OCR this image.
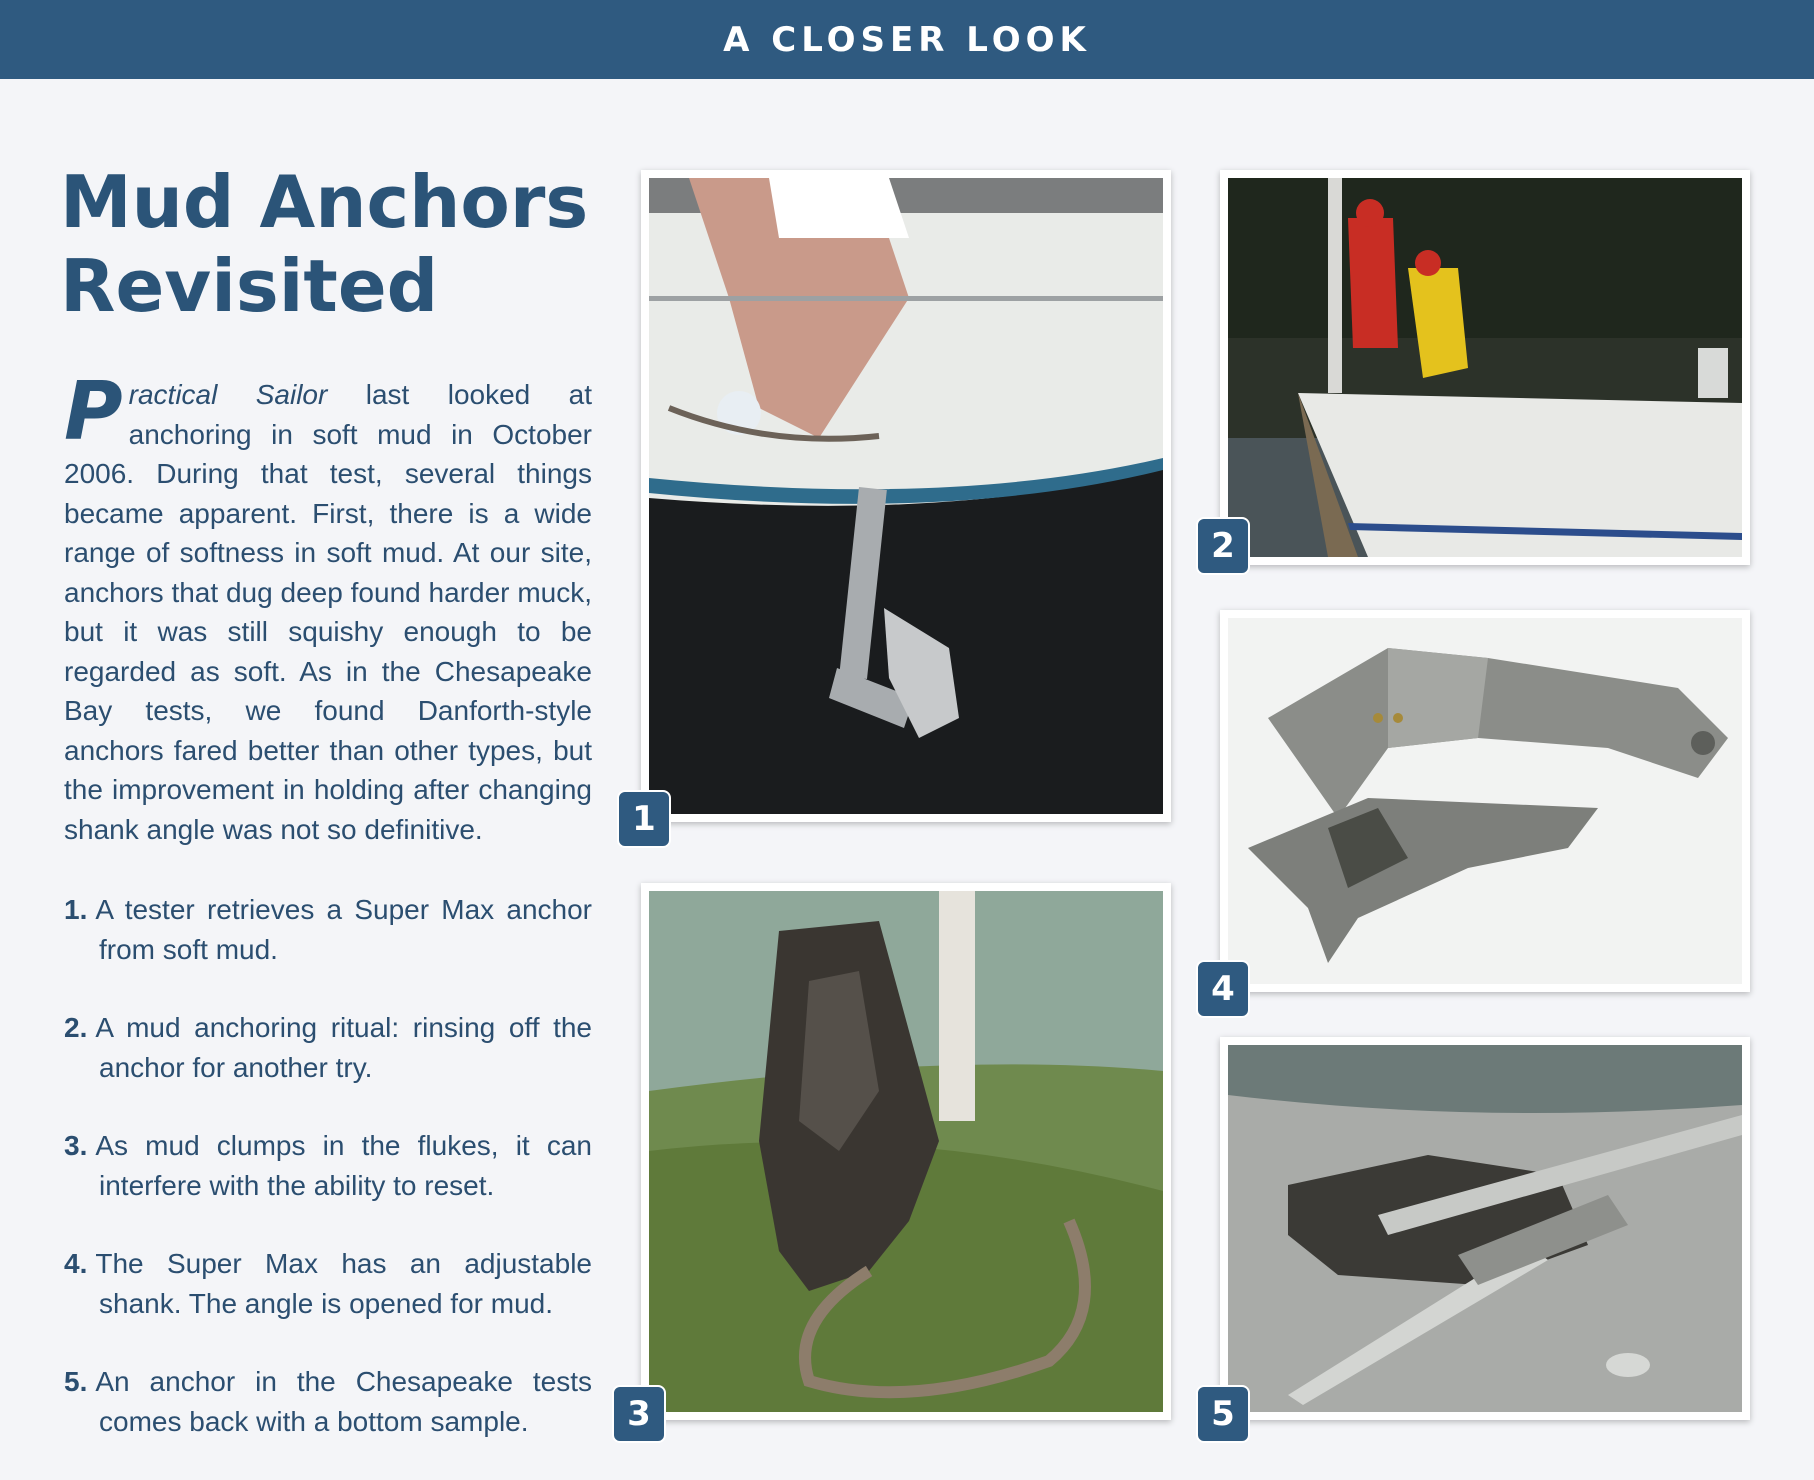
A CLOSER LOOK
Mud Anchors
Revisited

Practical Sailor last looked at anchoring in soft mud in October 2006. During that test, several things became apparent. First, there is a wide range of softness in soft mud. At our site, anchors that dug deep found harder muck, but it was still squishy enough to be regarded as soft. As in the Chesapeake Bay tests, we found Danforth-style anchors fared better than other types, but the improvement in holding after changing shank angle was not so definitive.

1. A tester retrieves a Super Max anchor from soft mud.
2. A mud anchoring ritual: rinsing off the anchor for another try.
3. As mud clumps in the flukes, it can interfere with the ability to reset.
4. The Super Max has an adjustable shank. The angle is opened for mud.
5. An anchor in the Chesapeake tests comes back with a bottom sample.
1
2
3
4
5
